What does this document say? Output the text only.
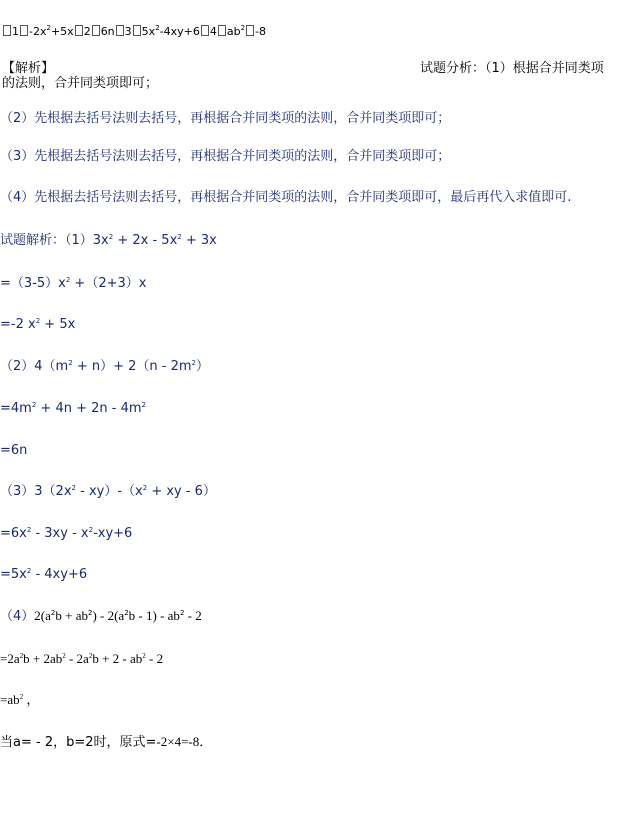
1 $-2x^2+5x$ 2 6n 3 $5x^2-4xy+6$ 4 $ab^2$ -8
【解析】	试题分析：（1）根据合并同类项
的法则，合并同类项即可；
（2）先根据去括号法则去括号，再根据合并同类项的法则，合并同类项即可；
（3）先根据去括号法则去括号，再根据合并同类项的法则，合并同类项即可；
（4）先根据去括号法则去括号，再根据合并同类项的法则，合并同类项即可，最后再代入求值即可.
试题解析：$(1)3x^2 + 2x - 5x^2 + 3x$
$=(3-5)x^2 +(2+3)x$
=-2 $x^2 + 5x$
$(2)4(m^2 + n)+ 2(n - 2m^2)$
$=4m^2 + 4n + 2n - 4m^2$
=6n
$(3)3(2x^2 - xy)-(x^2$ + xy - 6）
$=6x^2 - 3xy - x^2-xy+6$
$=5x^2 - 4xy+6$
$(4)2(a^2b + ab^2) - 2(a^2b - 1) - ab^2 - 2$
$=2a^2b + 2ab^2 - 2a^2b + 2 - ab^2 - 2$
$=ab^2$ ，
当a= - 2，b=2时，原式=-2×4=-8．
